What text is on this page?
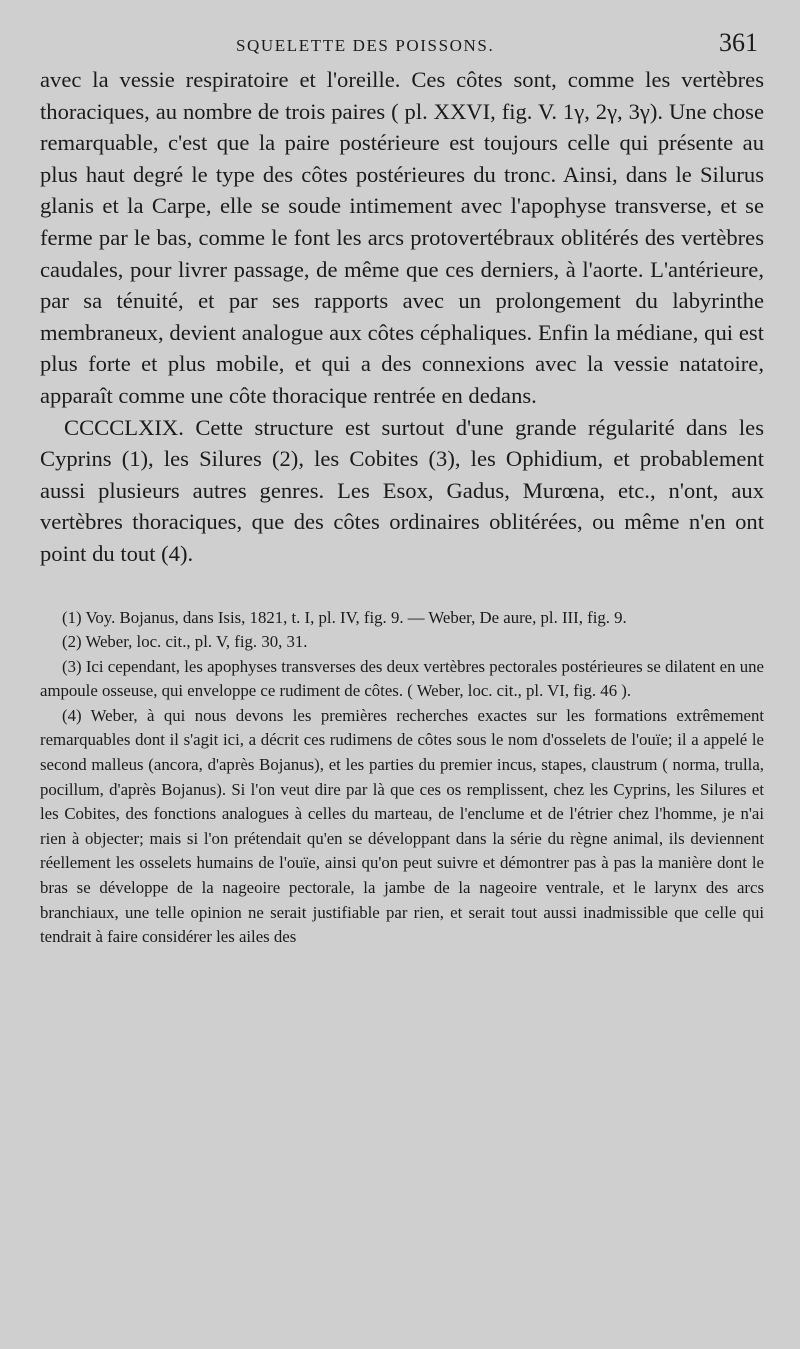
SQUELETTE DES POISSONS.	361

avec la vessie respiratoire et l'oreille. Ces côtes sont, comme les vertèbres thoraciques, au nombre de trois paires ( pl. XXVI, fig. V. 1γ, 2γ, 3γ). Une chose remarquable, c'est que la paire postérieure est toujours celle qui présente au plus haut degré le type des côtes postérieures du tronc. Ainsi, dans le Silurus glanis et la Carpe, elle se soude intimement avec l'apophyse transverse, et se ferme par le bas, comme le font les arcs protovertébraux oblitérés des vertèbres caudales, pour livrer passage, de même que ces derniers, à l'aorte. L'antérieure, par sa ténuité, et par ses rapports avec un prolongement du labyrinthe membraneux, devient analogue aux côtes céphaliques. Enfin la médiane, qui est plus forte et plus mobile, et qui a des connexions avec la vessie natatoire, apparaît comme une côte thoracique rentrée en dedans.

CCCCLXIX. Cette structure est surtout d'une grande régularité dans les Cyprins (1), les Silures (2), les Cobites (3), les Ophidium, et probablement aussi plusieurs autres genres. Les Esox, Gadus, Murœna, etc., n'ont, aux vertèbres thoraciques, que des côtes ordinaires oblitérées, ou même n'en ont point du tout (4).

(1) Voy. Bojanus, dans Isis, 1821, t. I, pl. IV, fig. 9. — Weber, De aure, pl. III, fig. 9.

(2) Weber, loc. cit., pl. V, fig. 30, 31.

(3) Ici cependant, les apophyses transverses des deux vertèbres pectorales postérieures se dilatent en une ampoule osseuse, qui enveloppe ce rudiment de côtes. ( Weber, loc. cit., pl. VI, fig. 46 ).

(4) Weber, à qui nous devons les premières recherches exactes sur les formations extrêmement remarquables dont il s'agit ici, a décrit ces rudimens de côtes sous le nom d'osselets de l'ouïe; il a appelé le second malleus (ancora, d'après Bojanus), et les parties du premier incus, stapes, claustrum ( norma, trulla, pocillum, d'après Bojanus). Si l'on veut dire par là que ces os remplissent, chez les Cyprins, les Silures et les Cobites, des fonctions analogues à celles du marteau, de l'enclume et de l'étrier chez l'homme, je n'ai rien à objecter; mais si l'on prétendait qu'en se développant dans la série du règne animal, ils deviennent réellement les osselets humains de l'ouïe, ainsi qu'on peut suivre et démontrer pas à pas la manière dont le bras se développe de la nageoire pectorale, la jambe de la nageoire ventrale, et le larynx des arcs branchiaux, une telle opinion ne serait justifiable par rien, et serait tout aussi inadmissible que celle qui tendrait à faire considérer les ailes des
